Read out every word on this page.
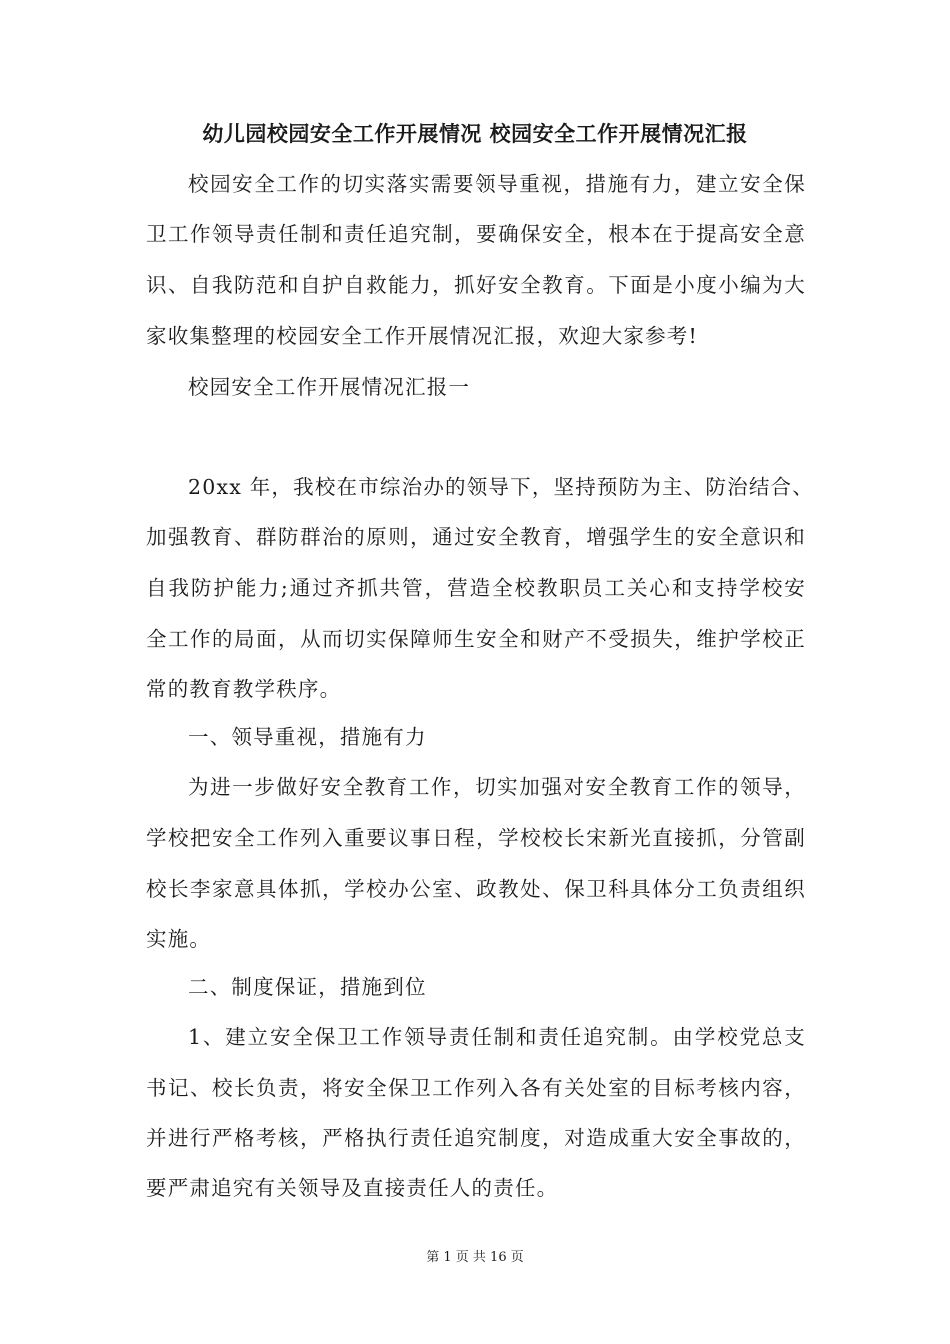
幼儿园校园安全工作开展情况 校园安全工作开展情况汇报
校园安全工作的切实落实需要领导重视，措施有力，建立安全保
卫工作领导责任制和责任追究制，要确保安全，根本在于提高安全意
识、自我防范和自护自救能力，抓好安全教育。下面是小度小编为大
家收集整理的校园安全工作开展情况汇报，欢迎大家参考!
校园安全工作开展情况汇报一
20xx 年，我校在市综治办的领导下，坚持预防为主、防治结合、
加强教育、群防群治的原则，通过安全教育，增强学生的安全意识和
自我防护能力;通过齐抓共管，营造全校教职员工关心和支持学校安
全工作的局面，从而切实保障师生安全和财产不受损失，维护学校正
常的教育教学秩序。
一、领导重视，措施有力
为进一步做好安全教育工作，切实加强对安全教育工作的领导，
学校把安全工作列入重要议事日程，学校校长宋新光直接抓，分管副
校长李家意具体抓，学校办公室、政教处、保卫科具体分工负责组织
实施。
二、制度保证，措施到位
1、建立安全保卫工作领导责任制和责任追究制。由学校党总支
书记、校长负责，将安全保卫工作列入各有关处室的目标考核内容，
并进行严格考核，严格执行责任追究制度，对造成重大安全事故的，
要严肃追究有关领导及直接责任人的责任。
第 1 页 共 16 页
